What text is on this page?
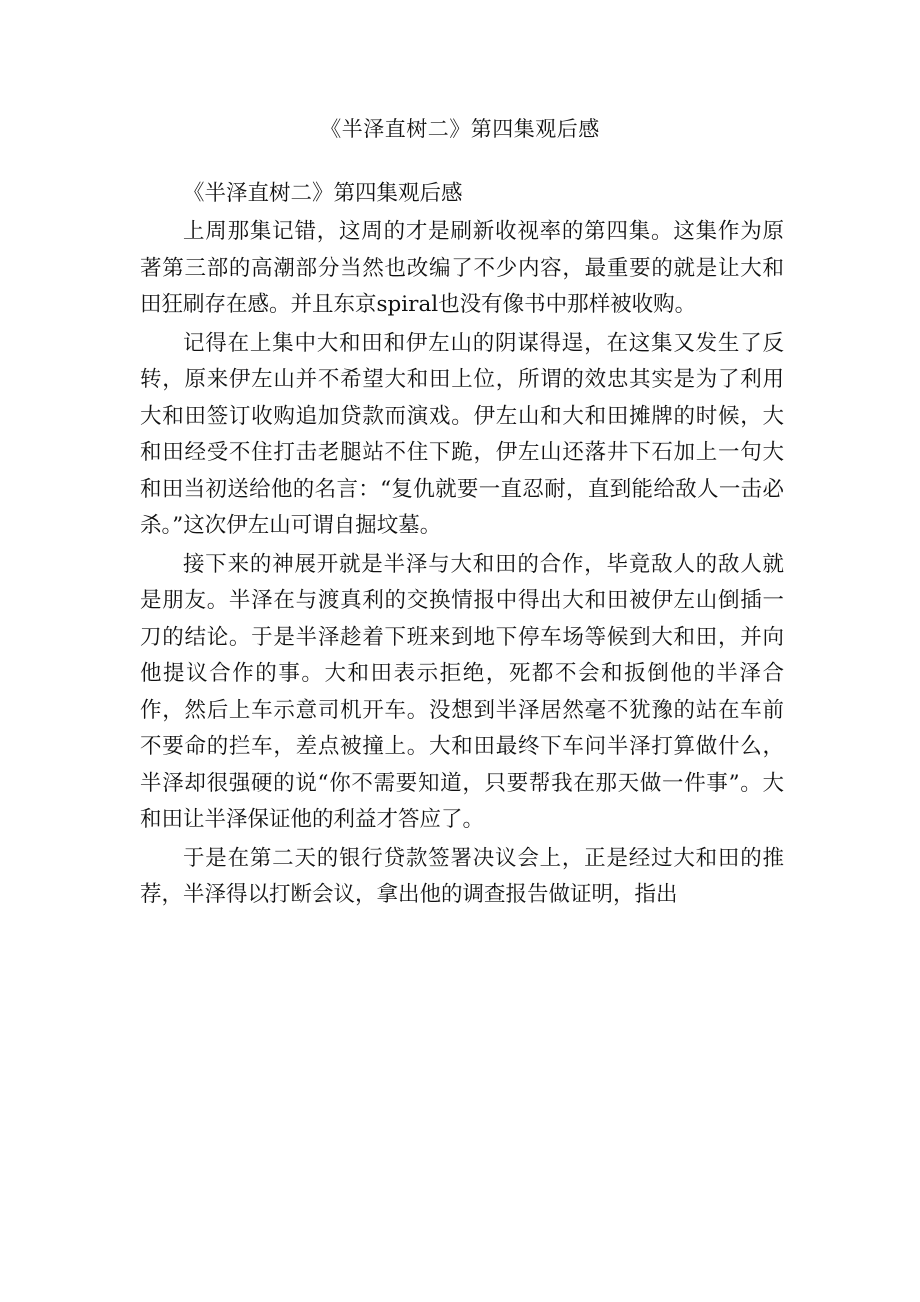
《半泽直树二》第四集观后感

《半泽直树二》第四集观后感

上周那集记错，这周的才是刷新收视率的第四集。这集作为原著第三部的高潮部分当然也改编了不少内容，最重要的就是让大和田狂刷存在感。并且东京spiral也没有像书中那样被收购。

记得在上集中大和田和伊左山的阴谋得逞，在这集又发生了反转，原来伊左山并不希望大和田上位，所谓的效忠其实是为了利用大和田签订收购追加贷款而演戏。伊左山和大和田摊牌的时候，大和田经受不住打击老腿站不住下跪，伊左山还落井下石加上一句大和田当初送给他的名言：“复仇就要一直忍耐，直到能给敌人一击必杀。”这次伊左山可谓自掘坟墓。

接下来的神展开就是半泽与大和田的合作，毕竟敌人的敌人就是朋友。半泽在与渡真利的交换情报中得出大和田被伊左山倒插一刀的结论。于是半泽趁着下班来到地下停车场等候到大和田，并向他提议合作的事。大和田表示拒绝，死都不会和扳倒他的半泽合作，然后上车示意司机开车。没想到半泽居然毫不犹豫的站在车前不要命的拦车，差点被撞上。大和田最终下车问半泽打算做什么，半泽却很强硬的说“你不需要知道，只要帮我在那天做一件事”。大和田让半泽保证他的利益才答应了。

于是在第二天的银行贷款签署决议会上，正是经过大和田的推荐，半泽得以打断会议，拿出他的调查报告做证明，指出
